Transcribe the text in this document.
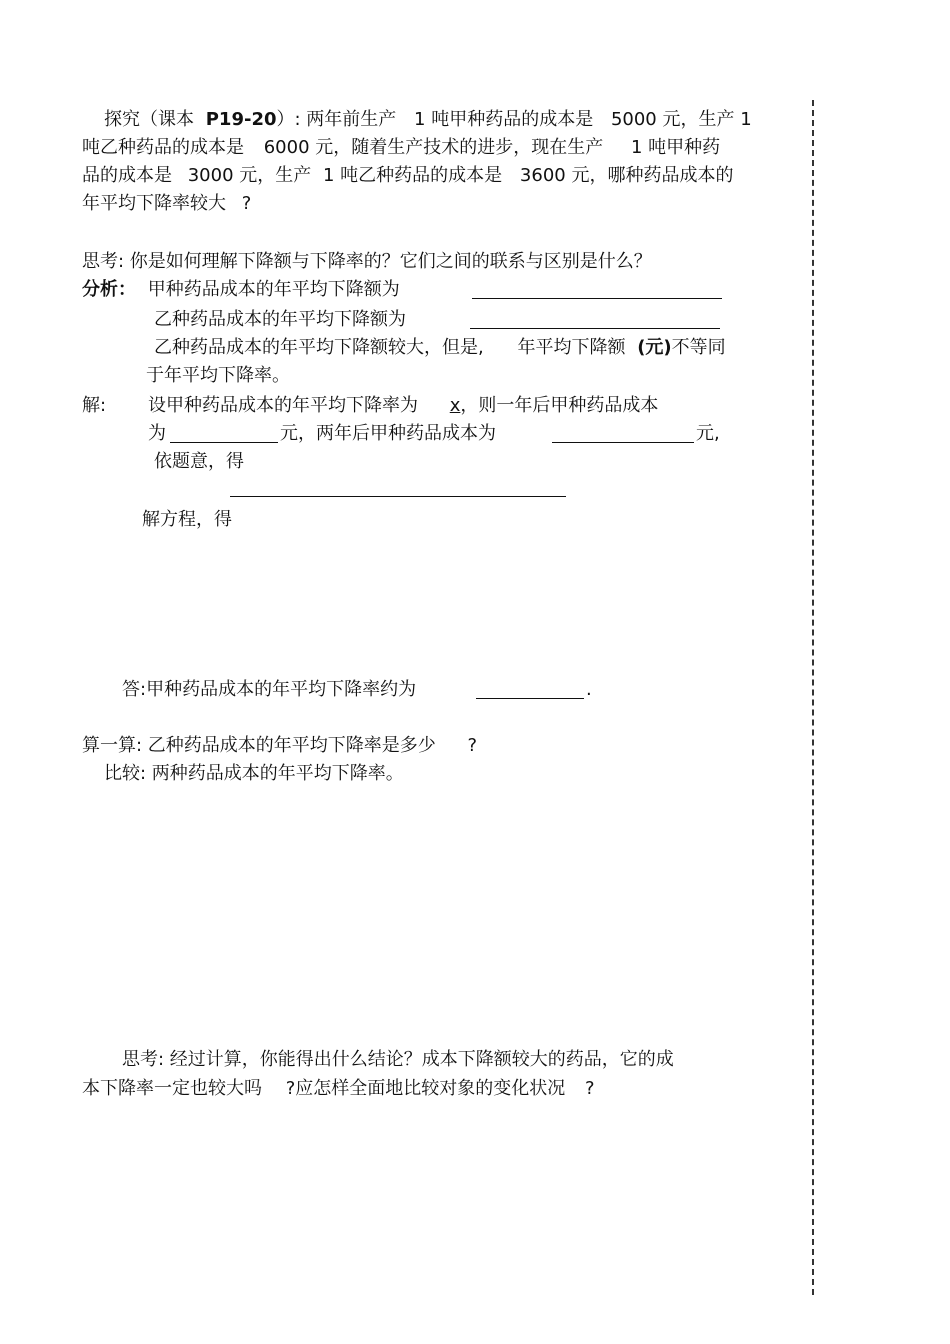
探究（课本 P19-20）: 两年前生产 1 吨甲种药品的成本是 5000 元，生产 1
吨乙种药品的成本是 6000 元，随着生产技术的进步，现在生产 1 吨甲种药
品的成本是 3000 元，生产 1 吨乙种药品的成本是 3600 元，哪种药品成本的
年平均下降率较大 ?
思考: 你是如何理解下降额与下降率的？它们之间的联系与区别是什么？
分析： 甲种药品成本的年平均下降额为
乙种药品成本的年平均下降额为
乙种药品成本的年平均下降额较大，但是, 年平均下降额 (元)不等同
于年平均下降率。
解: 设甲种药品成本的年平均下降率为 x，则一年后甲种药品成本
为	元，两年后甲种药品成本为	元,
依题意，得
解方程，得
答:甲种药品成本的年平均下降率约为	.
算一算: 乙种药品成本的年平均下降率是多少 ?
比较: 两种药品成本的年平均下降率。
思考: 经过计算，你能得出什么结论？成本下降额较大的药品，它的成
本下降率一定也较大吗 ?应怎样全面地比较对象的变化状况 ?
